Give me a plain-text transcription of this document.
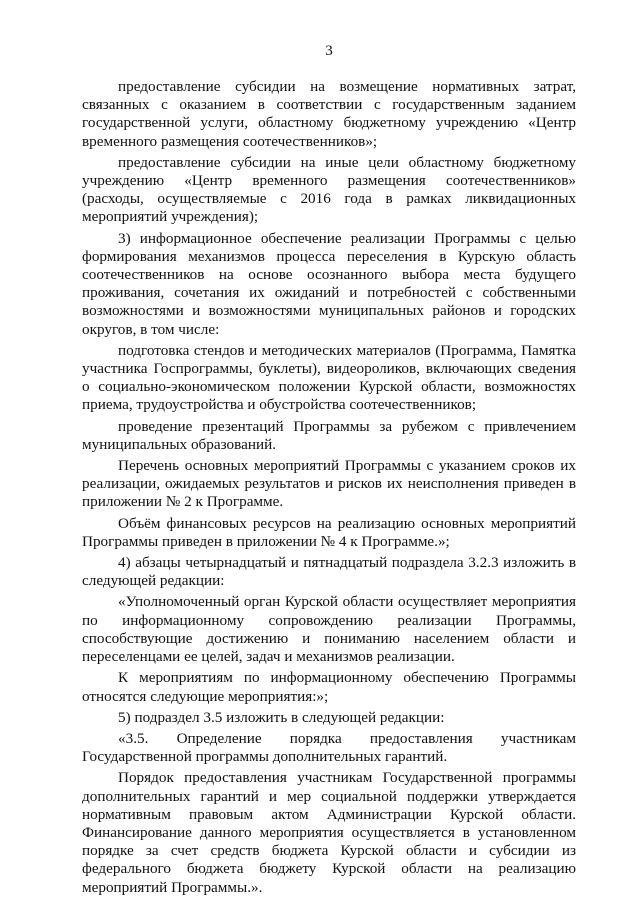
3

предоставление субсидии на возмещение нормативных затрат, связанных с оказанием в соответствии с государственным заданием государственной услуги, областному бюджетному учреждению «Центр временного размещения соотечественников»;

предоставление субсидии на иные цели областному бюджетному учреждению «Центр временного размещения соотечественников» (расходы, осуществляемые с 2016 года в рамках ликвидационных мероприятий учреждения);

3) информационное обеспечение реализации Программы с целью формирования механизмов процесса переселения в Курскую область соотечественников на основе осознанного выбора места будущего проживания, сочетания их ожиданий и потребностей с собственными возможностями и возможностями муниципальных районов и городских округов, в том числе:

подготовка стендов и методических материалов (Программа, Памятка участника Госпрограммы, буклеты), видеороликов, включающих сведения о социально-экономическом положении Курской области, возможностях приема, трудоустройства и обустройства соотечественников;

проведение презентаций Программы за рубежом с привлечением муниципальных образований.

Перечень основных мероприятий Программы с указанием сроков их реализации, ожидаемых результатов и рисков их неисполнения приведен в приложении № 2 к Программе.

Объём финансовых ресурсов на реализацию основных мероприятий Программы приведен в приложении № 4 к Программе.»;

4) абзацы четырнадцатый и пятнадцатый подраздела 3.2.3 изложить в следующей редакции:

«Уполномоченный орган Курской области осуществляет мероприятия по информационному сопровождению реализации Программы, способствующие достижению и пониманию населением области и переселенцами ее целей, задач и механизмов реализации.

К мероприятиям по информационному обеспечению Программы относятся следующие мероприятия:»;

5) подраздел 3.5 изложить в следующей редакции:

«3.5. Определение порядка предоставления участникам Государственной программы дополнительных гарантий.

Порядок предоставления участникам Государственной программы дополнительных гарантий и мер социальной поддержки утверждается нормативным правовым актом Администрации Курской области. Финансирование данного мероприятия осуществляется в установленном порядке за счет средств бюджета Курской области и субсидии из федерального бюджета бюджету Курской области на реализацию мероприятий Программы.».
